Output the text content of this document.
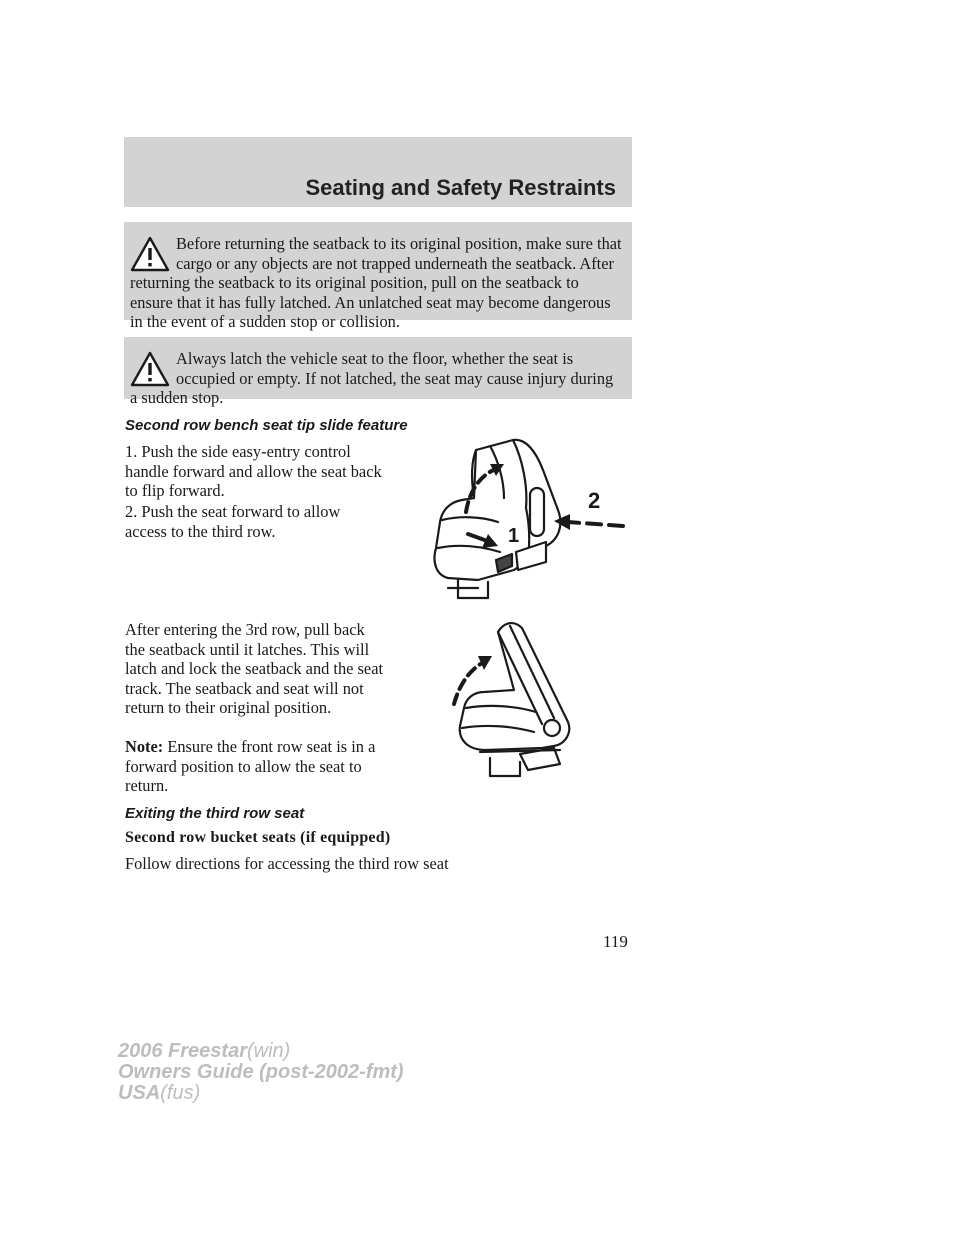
Seating and Safety Restraints
Before returning the seatback to its original position, make sure that cargo or any objects are not trapped underneath the seatback. After returning the seatback to its original position, pull on the seatback to ensure that it has fully latched. An unlatched seat may become dangerous in the event of a sudden stop or collision.
Always latch the vehicle seat to the floor, whether the seat is occupied or empty. If not latched, the seat may cause injury during a sudden stop.
Second row bench seat tip slide feature
1. Push the side easy-entry control handle forward and allow the seat back to flip forward.
2. Push the seat forward to allow access to the third row.	1
2
After entering the 3rd row, pull back the seatback until it latches. This will latch and lock the seatback and the seat track. The seatback and seat will not return to their original position.
Note: Ensure the front row seat is in a forward position to allow the seat to return.
Exiting the third row seat
Second row bucket seats (if equipped)
Follow directions for accessing the third row seat
119
2006 Freestar(win)
Owners Guide (post-2002-fmt)
USA(fus)
